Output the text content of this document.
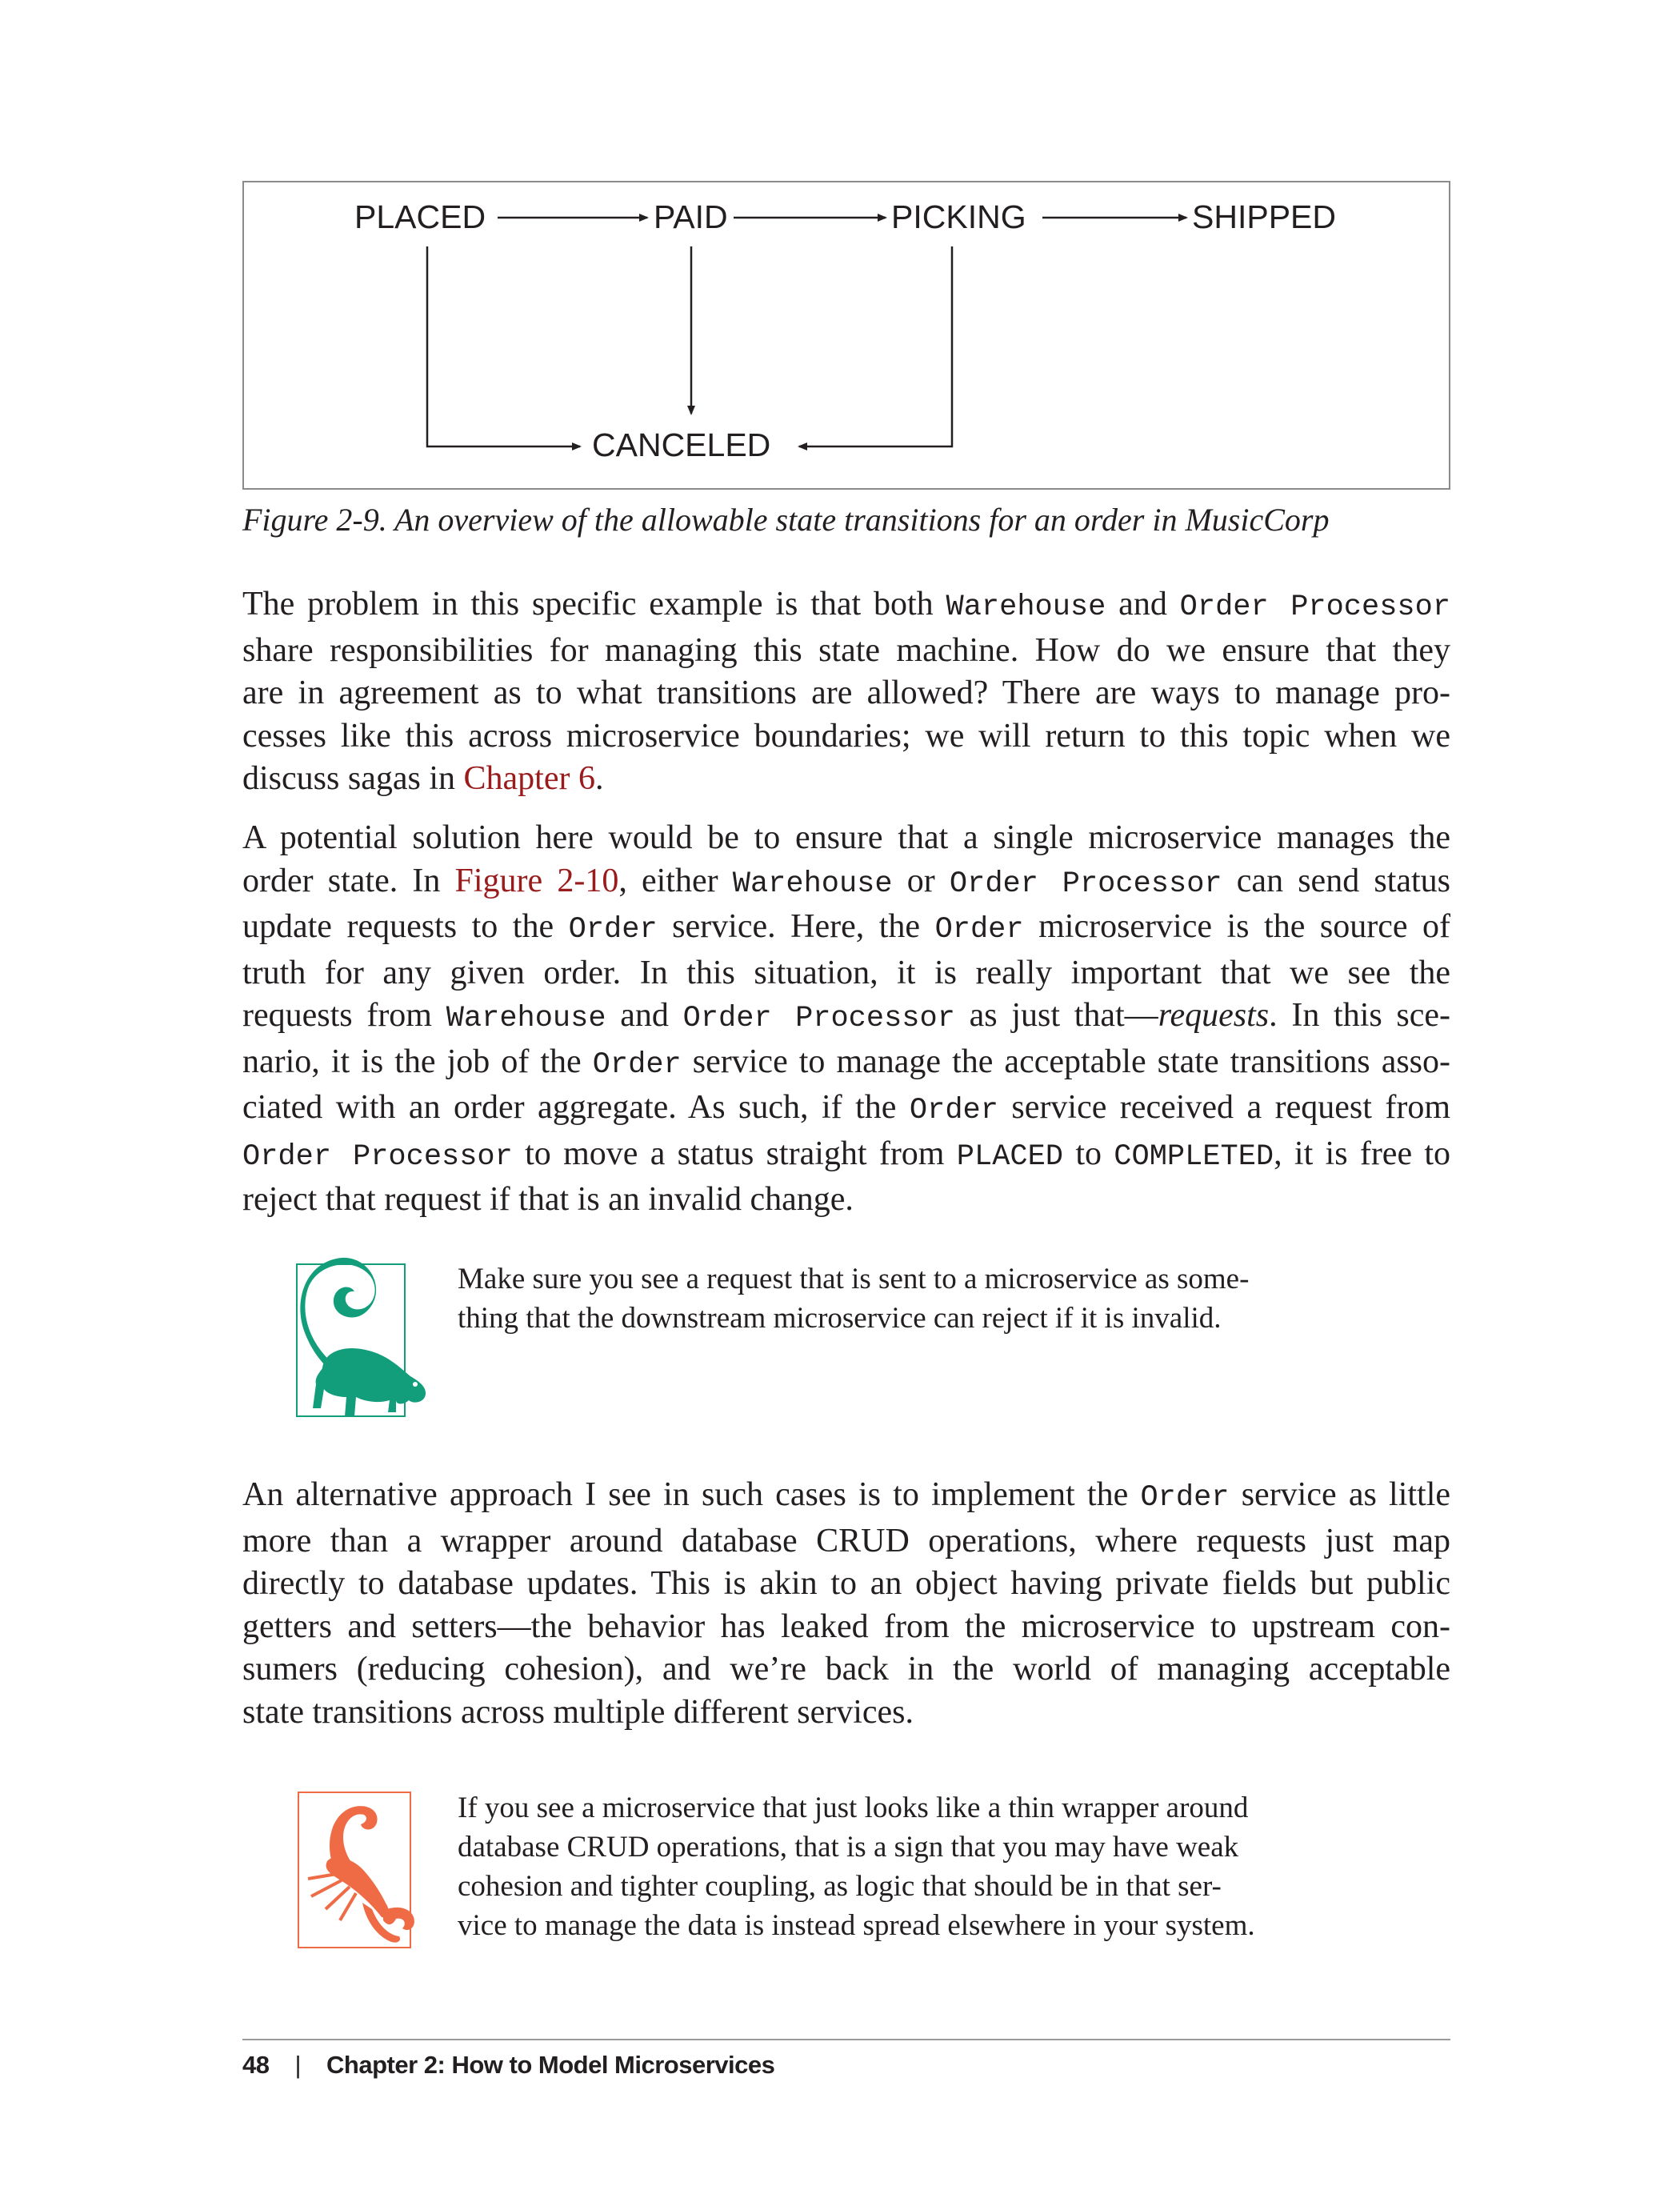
PLACED	PAID	PICKING	SHIPPED
CANCELED
Figure 2-9. An overview of the allowable state transitions for an order in MusicCorp
The problem in this specific example is that both Warehouse and Order Processor
share responsibilities for managing this state machine. How do we ensure that they
are in agreement as to what transitions are allowed? There are ways to manage pro-
cesses like this across microservice boundaries; we will return to this topic when we
discuss sagas in Chapter 6.
A potential solution here would be to ensure that a single microservice manages the
order state. In Figure 2-10, either Warehouse or Order Processor can send status
update requests to the Order service. Here, the Order microservice is the source of
truth for any given order. In this situation, it is really important that we see the
requests from Warehouse and Order Processor as just that—requests. In this sce-
nario, it is the job of the Order service to manage the acceptable state transitions asso-
ciated with an order aggregate. As such, if the Order service received a request from
Order Processor to move a status straight from PLACED to COMPLETED, it is free to
reject that request if that is an invalid change.
Make sure you see a request that is sent to a microservice as some-
thing that the downstream microservice can reject if it is invalid.
An alternative approach I see in such cases is to implement the Order service as little
more than a wrapper around database CRUD operations, where requests just map
directly to database updates. This is akin to an object having private fields but public
getters and setters—the behavior has leaked from the microservice to upstream con-
sumers (reducing cohesion), and we’re back in the world of managing acceptable
state transitions across multiple different services.
If you see a microservice that just looks like a thin wrapper around
database CRUD operations, that is a sign that you may have weak
cohesion and tighter coupling, as logic that should be in that ser-
vice to manage the data is instead spread elsewhere in your system.
48 | Chapter 2: How to Model Microservices
